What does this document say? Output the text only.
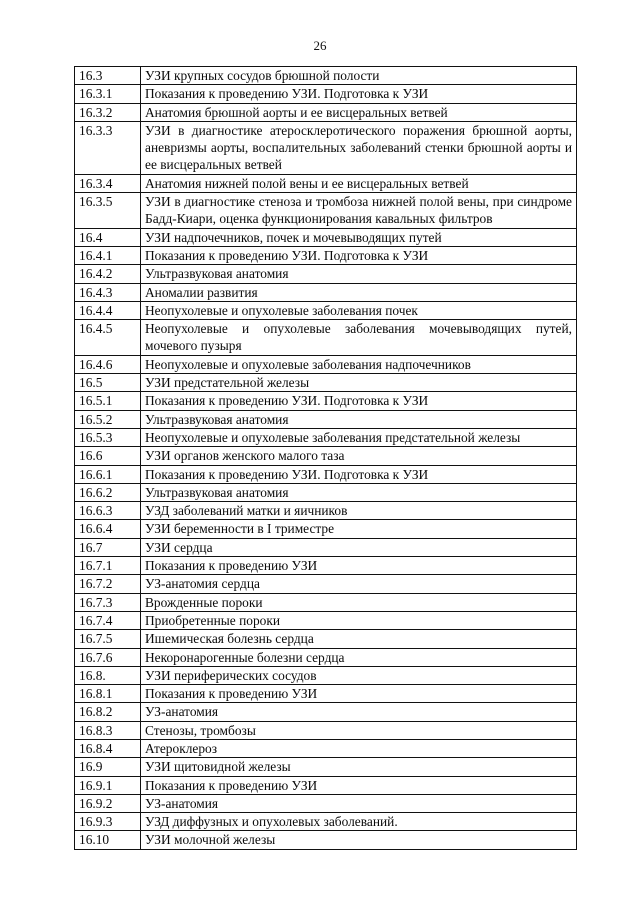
26
16.3	УЗИ крупных сосудов брюшной полости
16.3.1	Показания к проведению УЗИ. Подготовка к УЗИ
16.3.2	Анатомия брюшной аорты и ее висцеральных ветвей
16.3.3	УЗИ в диагностике атеросклеротического поражения брюшной аорты, аневризмы аорты, воспалительных заболеваний стенки брюшной аорты и ее висцеральных ветвей
16.3.4	Анатомия нижней полой вены и ее висцеральных ветвей
16.3.5	УЗИ в диагностике стеноза и тромбоза нижней полой вены, при синдроме Бадд-Киари, оценка функционирования кавальных фильтров
16.4	УЗИ надпочечников, почек и мочевыводящих путей
16.4.1	Показания к проведению УЗИ. Подготовка к УЗИ
16.4.2	Ультразвуковая анатомия
16.4.3	Аномалии развития
16.4.4	Неопухолевые и опухолевые заболевания почек
16.4.5	Неопухолевые и опухолевые заболевания мочевыводящих путей, мочевого пузыря
16.4.6	Неопухолевые и опухолевые заболевания надпочечников
16.5	УЗИ предстательной железы
16.5.1	Показания к проведению УЗИ. Подготовка к УЗИ
16.5.2	Ультразвуковая анатомия
16.5.3	Неопухолевые и опухолевые заболевания предстательной железы
16.6	УЗИ органов женского малого таза
16.6.1	Показания к проведению УЗИ. Подготовка к УЗИ
16.6.2	Ультразвуковая анатомия
16.6.3	УЗД заболеваний матки и яичников
16.6.4	УЗИ беременности в I триместре
16.7	УЗИ сердца
16.7.1	Показания к проведению УЗИ
16.7.2	УЗ-анатомия сердца
16.7.3	Врожденные пороки
16.7.4	Приобретенные пороки
16.7.5	Ишемическая болезнь сердца
16.7.6	Некоронарогенные болезни сердца
16.8.	УЗИ периферических сосудов
16.8.1	Показания к проведению УЗИ
16.8.2	УЗ-анатомия
16.8.3	Стенозы, тромбозы
16.8.4	Атероклероз
16.9	УЗИ щитовидной железы
16.9.1	Показания к проведению УЗИ
16.9.2	УЗ-анатомия
16.9.3	УЗД диффузных и опухолевых заболеваний.
16.10	УЗИ молочной железы
